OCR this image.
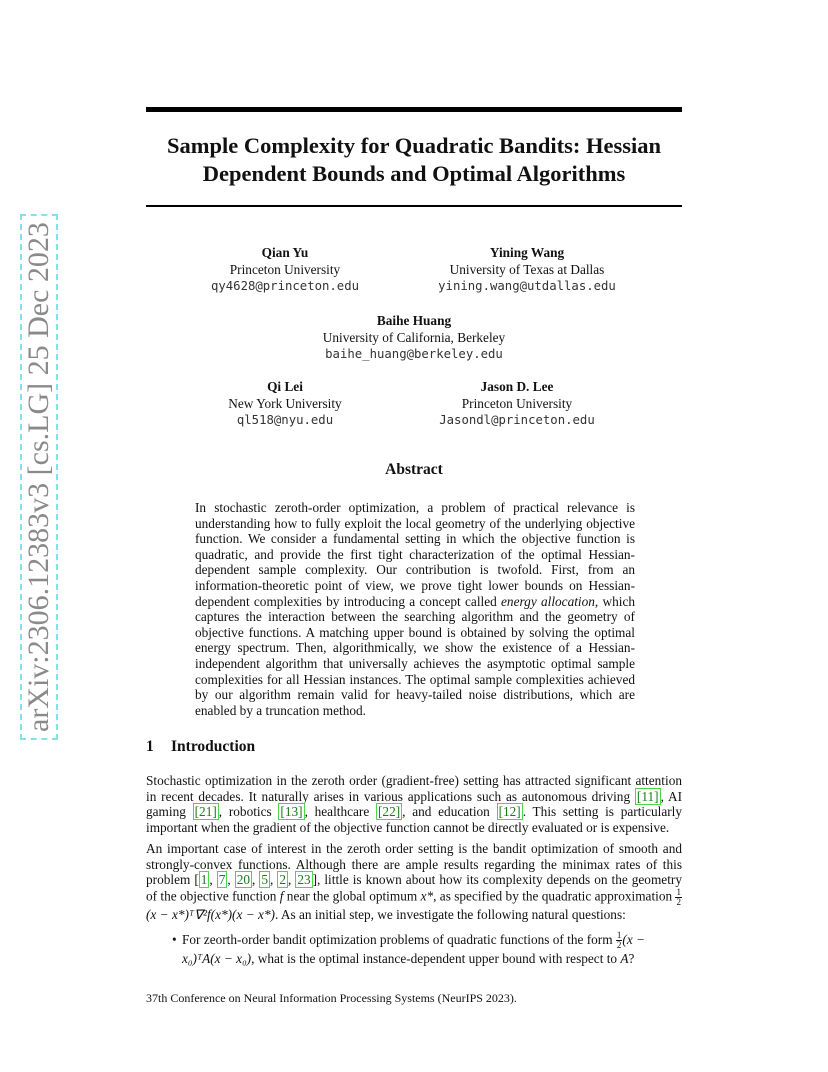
arXiv:2306.12383v3 [cs.LG] 25 Dec 2023
Sample Complexity for Quadratic Bandits: Hessian
Dependent Bounds and Optimal Algorithms
Qian Yu
Princeton University
qy4628@princeton.edu
Yining Wang
University of Texas at Dallas
yining.wang@utdallas.edu
Baihe Huang
University of California, Berkeley
baihe_huang@berkeley.edu
Qi Lei
New York University
ql518@nyu.edu
Jason D. Lee
Princeton University
Jasondl@princeton.edu
Abstract
In stochastic zeroth-order optimization, a problem of practical relevance is understanding how to fully exploit the local geometry of the underlying objective function. We consider a fundamental setting in which the objective function is quadratic, and provide the first tight characterization of the optimal Hessian-dependent sample complexity. Our contribution is twofold. First, from an information-theoretic point of view, we prove tight lower bounds on Hessian-dependent complexities by introducing a concept called energy allocation, which captures the interaction between the searching algorithm and the geometry of objective functions. A matching upper bound is obtained by solving the optimal energy spectrum. Then, algorithmically, we show the existence of a Hessian-independent algorithm that universally achieves the asymptotic optimal sample complexities for all Hessian instances. The optimal sample complexities achieved by our algorithm remain valid for heavy-tailed noise distributions, which are enabled by a truncation method.
1 Introduction
Stochastic optimization in the zeroth order (gradient-free) setting has attracted significant attention in recent decades. It naturally arises in various applications such as autonomous driving [11] , AI gaming [21] , robotics [13] , healthcare [22] , and education [12] . This setting is particularly important when the gradient of the objective function cannot be directly evaluated or is expensive.
An important case of interest in the zeroth order setting is the bandit optimization of smooth and strongly-convex functions. Although there are ample results regarding the minimax rates of this problem [ 1 , 7 , 20 , 5 , 2 , 23 ], little is known about how its complexity depends on the geometry of the objective function f near the global optimum x*, as specified by the quadratic approximation $\frac{1}{2}$
(x − x*)ᵀ∇²f(x*)(x − x*). As an initial step, we investigate the following natural questions:
• For zeorth-order bandit optimization problems of quadratic functions of the form $\frac{1}{2} (x$ − x₀)ᵀA(x − x₀), what is the optimal instance-dependent upper bound with respect to A?
37th Conference on Neural Information Processing Systems (NeurIPS 2023).
